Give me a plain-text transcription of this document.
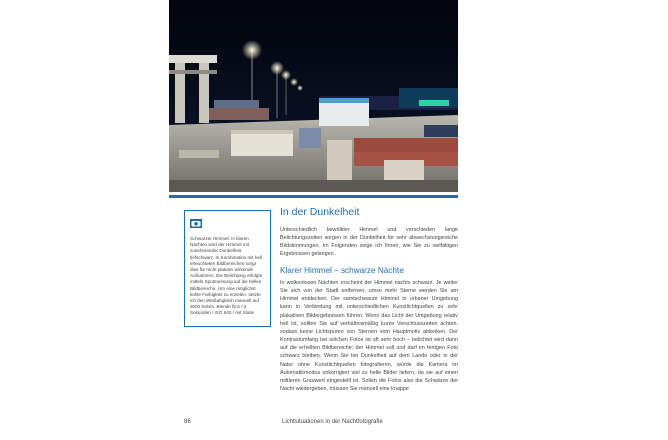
Schwarzer Himmel: In klaren Nächten wird der Himmel mit zunehmender Dunkelheit tiefschwarz. In Kombination mit hell erleuchteten Bildbereichen sorgt dies für recht plakativ wirkende Aufnahmen. Die Belichtung erfolgte mittels Spotmessung auf die hellen Bildbereiche. Um eine möglichst kühle Farbigkeit zu erzielen, setzte ich den Weißabgleich manuell auf 3000 Kelvin. Blende f5,6 / 2 Sekunden / ISO 640 / mit Stativ
In der Dunkelheit

Unterschiedlich bewölkter Himmel und verschieden lange Belichtungszeiten sorgen in der Dunkelheit für sehr abwechslungsreiche Bildstimmungen. Im Folgenden zeige ich Ihnen, wie Sie zu vielfältigen Ergebnissen gelangen.

Klarer Himmel – schwarze Nächte

In wolkenlosen Nächten erscheint der Himmel nachts schwarz. Je weiter Sie sich von der Stadt entfernen, umso mehr Sterne werden Sie am Himmel entdecken. Der samtschwarze Himmel in urbaner Umgebung kann in Verbindung mit unterschiedlichen Kunstlichtquellen zu sehr plakativen Bildergebnissen führen. Wenn das Licht der Umgebung relativ hell ist, sollten Sie auf verhältnismäßig kurze Verschlusszeiten achten, sodass keine Lichtspuren von Sternen vom Hauptmotiv ablenken. Der Kontrastumfang bei solchen Fotos ist oft sehr hoch – belichtet wird dann auf die erhellten Bildbereiche; der Himmel soll und darf im fertigen Foto schwarz bleiben. Wenn Sie bei Dunkelheit auf dem Lande oder in der Natur ohne Kunstlichtquellen fotografieren, würde die Kamera im Automatikmodus unkorrigiert viel zu helle Bilder liefern, da sie auf einen mittleren Grauwert eingestellt ist. Sollen die Fotos also die Schwärze der Nacht wiedergeben, müssen Sie manuell eine knappe

86	Lichtsituationen in der Nachtfotografie
